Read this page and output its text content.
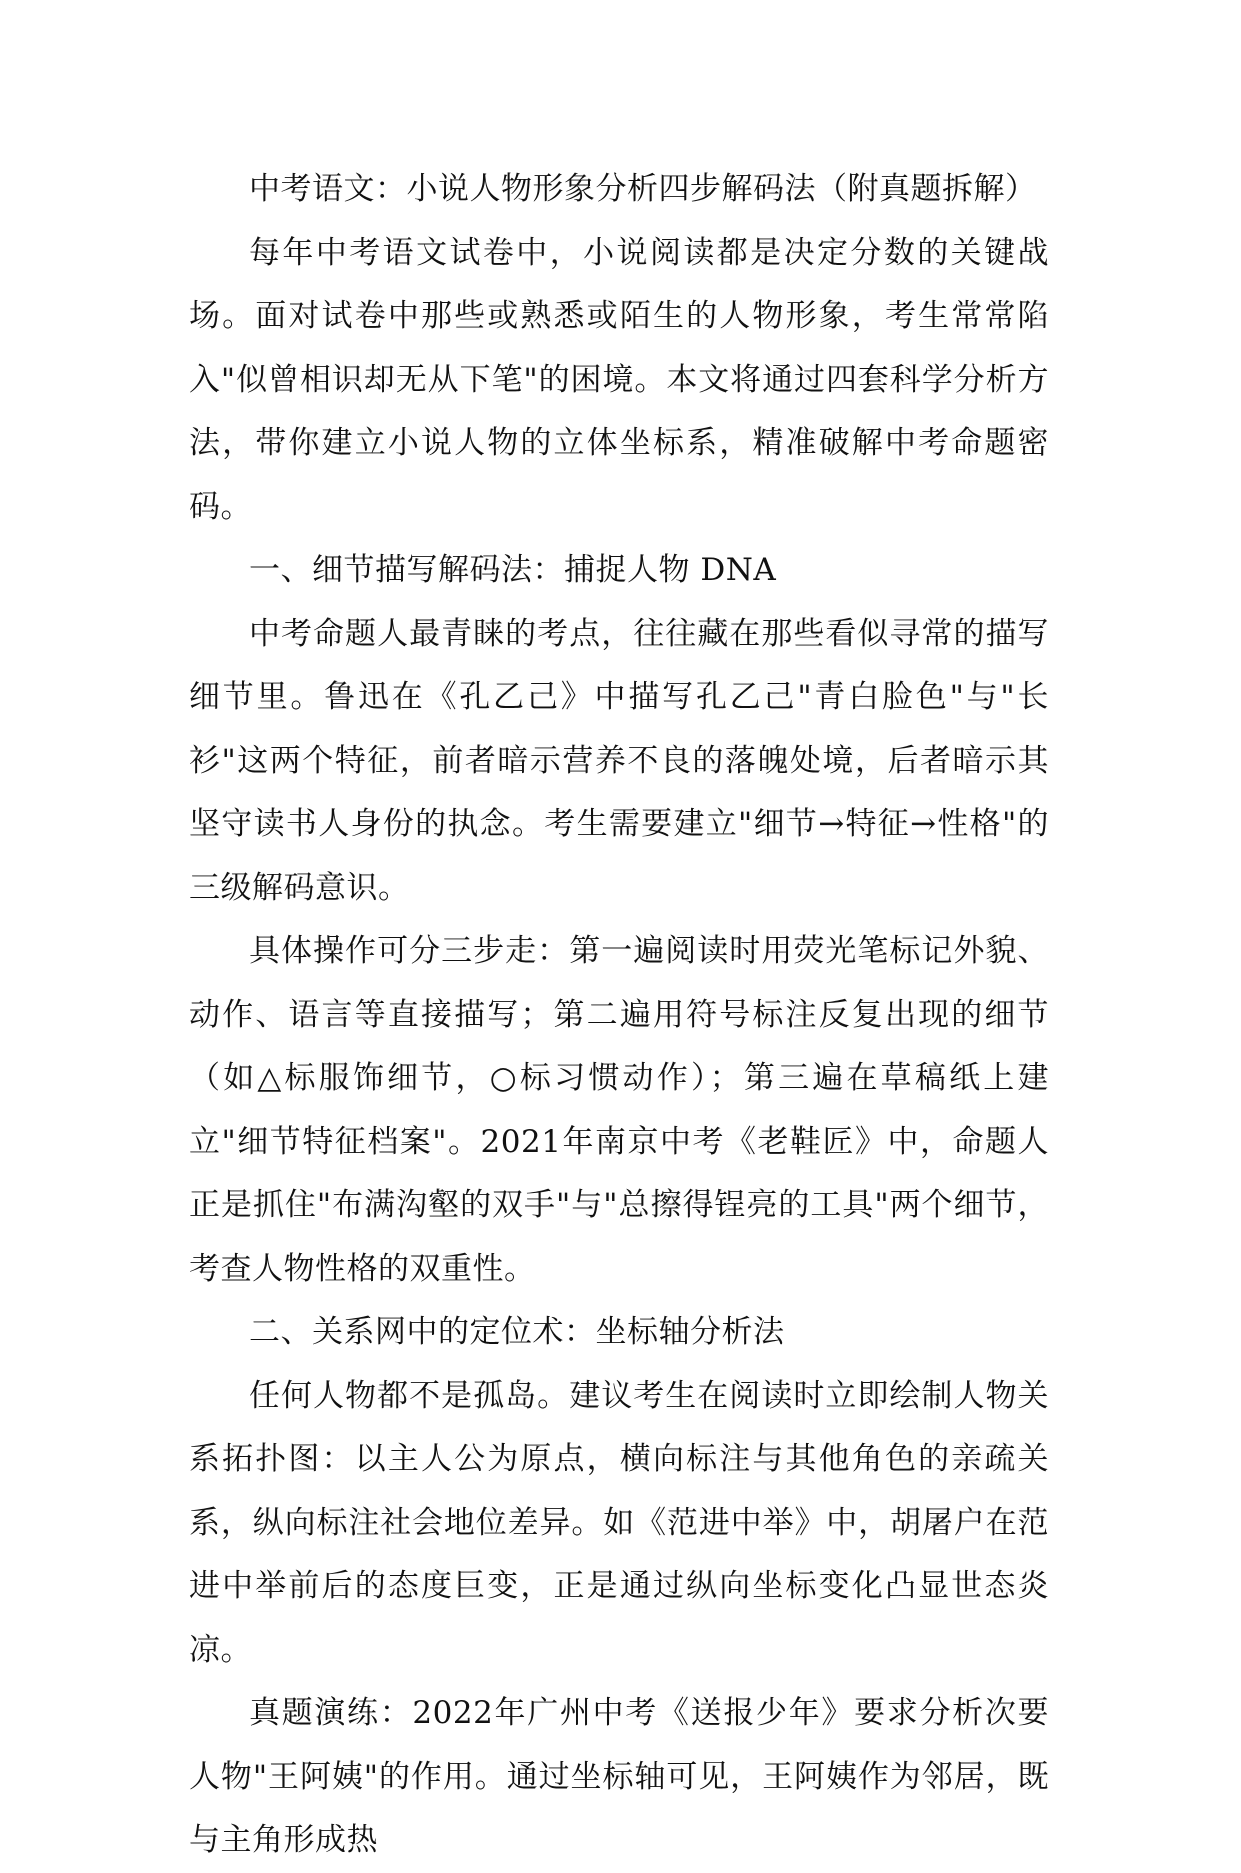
中考语文：小说人物形象分析四步解码法（附真题拆解）

每年中考语文试卷中，小说阅读都是决定分数的关键战场。面对试卷中那些或熟悉或陌生的人物形象，考生常常陷入"似曾相识却无从下笔"的困境。本文将通过四套科学分析方法，带你建立小说人物的立体坐标系，精准破解中考命题密码。

一、细节描写解码法：捕捉人物 DNA

中考命题人最青睐的考点，往往藏在那些看似寻常的描写细节里。鲁迅在《孔乙己》中描写孔乙己"青白脸色"与"长衫"这两个特征，前者暗示营养不良的落魄处境，后者暗示其坚守读书人身份的执念。考生需要建立"细节→特征→性格"的三级解码意识。

具体操作可分三步走：第一遍阅读时用荧光笔标记外貌、动作、语言等直接描写；第二遍用符号标注反复出现的细节（如△标服饰细节，○标习惯动作）；第三遍在草稿纸上建立"细节特征档案"。2021年南京中考《老鞋匠》中，命题人正是抓住"布满沟壑的双手"与"总擦得锃亮的工具"两个细节，考查人物性格的双重性。

二、关系网中的定位术：坐标轴分析法

任何人物都不是孤岛。建议考生在阅读时立即绘制人物关系拓扑图：以主人公为原点，横向标注与其他角色的亲疏关系，纵向标注社会地位差异。如《范进中举》中，胡屠户在范进中举前后的态度巨变，正是通过纵向坐标变化凸显世态炎凉。

真题演练：2022年广州中考《送报少年》要求分析次要人物"王阿姨"的作用。通过坐标轴可见，王阿姨作为邻居，既与主角形成热
